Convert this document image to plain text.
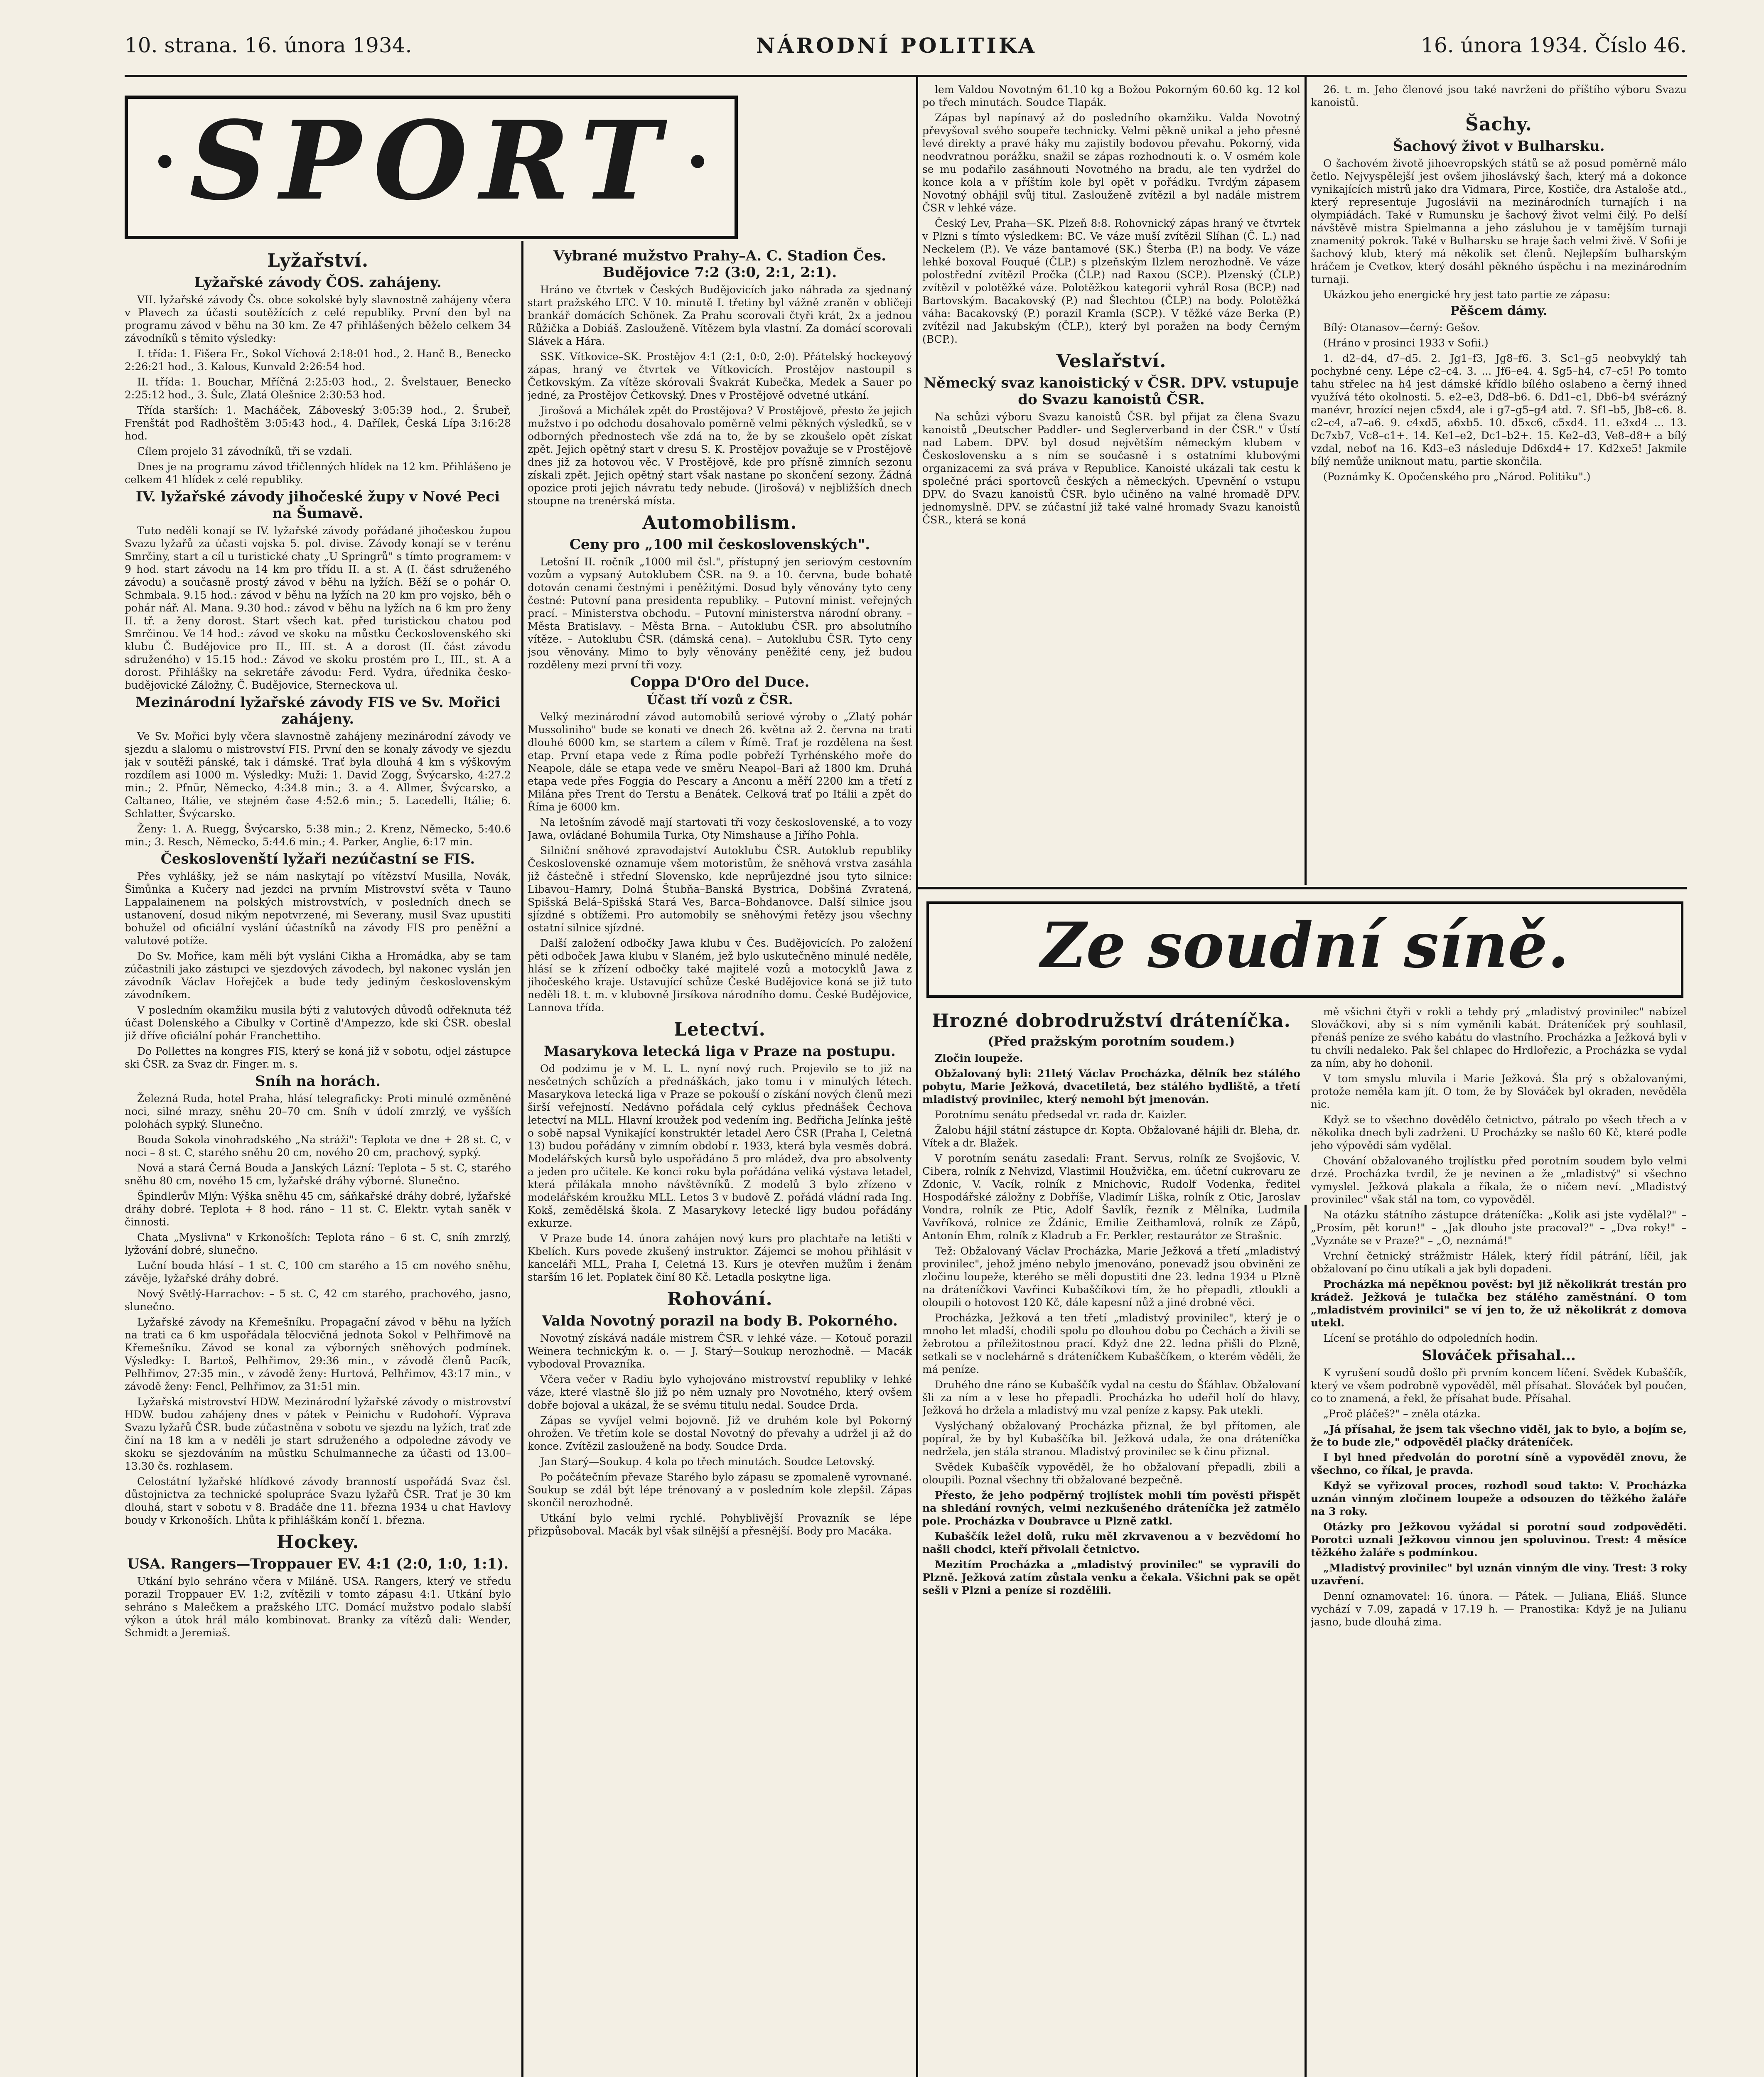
10. strana. 16. února 1934.	NÁRODNÍ POLITIKA	16. února 1934. Číslo 46.
• SPORT •
Lyžařství.
Lyžařské závody ČOS. zahájeny.

VII. lyžařské závody Čs. obce sokolské byly slavnostně zahájeny včera v Plavech za účasti soutěžících z celé republiky. První den byl na programu závod v běhu na 30 km. Ze 47 přihlášených běželo celkem 34 závodníků s těmito výsledky:

I. třída: 1. Fišera Fr., Sokol Víchová 2:18:01 hod., 2. Hanč B., Benecko 2:26:21 hod., 3. Kalous, Kunvald 2:26:54 hod.

II. třída: 1. Bouchar, Mříčná 2:25:03 hod., 2. Švelstauer, Benecko 2:25:12 hod., 3. Šulc, Zlatá Olešnice 2:30:53 hod.

Třída starších: 1. Macháček, Záboveský 3:05:39 hod., 2. Šrubeř, Frenštát pod Radhoštěm 3:05:43 hod., 4. Dařílek, Česká Lípa 3:16:28 hod.

Cílem projelo 31 závodníků, tři se vzdali.

Dnes je na programu závod třičlenných hlídek na 12 km. Přihlášeno je celkem 41 hlídek z celé republiky.

IV. lyžařské závody jihočeské župy v Nové Peci na Šumavě.

Tuto neděli konají se IV. lyžařské závody pořádané jihočeskou župou Svazu lyžařů za účasti vojska 5. pol. divise. Závody konají se v terénu Smrčiny, start a cíl u turistické chaty „U Springrů" s tímto programem: v 9 hod. start závodu na 14 km pro třídu II. a st. A (I. část sdruženého závodu) a současně prostý závod v běhu na lyžích. Běží se o pohár O. Schmbala. 9.15 hod.: závod v běhu na lyžích na 20 km pro vojsko, běh o pohár nář. Al. Mana. 9.30 hod.: závod v běhu na lyžích na 6 km pro ženy II. tř. a ženy dorost. Start všech kat. před turistickou chatou pod Smrčinou. Ve 14 hod.: závod ve skoku na můstku Čeckoslovenského ski klubu Č. Budějovice pro II., III. st. A a dorost (II. část závodu sdruženého) v 15.15 hod.: Závod ve skoku prostém pro I., III., st. A a dorost. Přihlášky na sekretáře závodu: Ferd. Vydra, úřednika česko-budějovické Záložny, Č. Budějovice, Sterneckova ul.

Mezinárodní lyžařské závody FIS ve Sv. Mořici zahájeny.

Ve Sv. Mořici byly včera slavnostně zahájeny mezinárodní závody ve sjezdu a slalomu o mistrovství FIS. První den se konaly závody ve sjezdu jak v soutěži pánské, tak i dámské. Trať byla dlouhá 4 km s výškovým rozdílem asi 1000 m. Výsledky: Muži: 1. David Zogg, Švýcarsko, 4:27.2 min.; 2. Pfnür, Německo, 4:34.8 min.; 3. a 4. Allmer, Švýcarsko, a Caltaneo, Itálie, ve stejném čase 4:52.6 min.; 5. Lacedelli, Itálie; 6. Schlatter, Švýcarsko.

Ženy: 1. A. Ruegg, Švýcarsko, 5:38 min.; 2. Krenz, Německo, 5:40.6 min.; 3. Resch, Německo, 5:44.6 min.; 4. Parker, Anglie, 6:17 min.

Českoslovenští lyžaři nezúčastní se FIS.

Přes vyhlášky, jež se nám naskytají po vítězství Musilla, Novák, Šimůnka a Kučery nad jezdci na prvním Mistrovství světa v Tauno Lappalainenem na polských mistrovstvích, v posledních dnech se ustanovení, dosud nikým nepotvrzené, mi Severany, musil Svaz upustiti bohužel od oficiální vyslání účastníků na závody FIS pro peněžní a valutové potíže.

Do Sv. Mořice, kam měli být vysláni Cikha a Hromádka, aby se tam zúčastnili jako zástupci ve sjezdových závodech, byl nakonec vyslán jen závodník Václav Hořejček a bude tedy jediným československým závodníkem.

V posledním okamžiku musila býti z valutových důvodů odřeknuta též účast Dolenského a Cibulky v Cortině d'Ampezzo, kde ski ČSR. obeslal již dříve oficiální pohár Franchettiho.

Do Pollettes na kongres FIS, který se koná již v sobotu, odjel zástupce ski ČSR. za Svaz dr. Finger. m. s.

Sníh na horách.

Železná Ruda, hotel Praha, hlásí telegraficky: Proti minulé ozměněné noci, silné mrazy, sněhu 20–70 cm. Sníh v údolí zmrzlý, ve vyšších polohách sypký. Slunečno.

Bouda Sokola vinohradského „Na stráži": Teplota ve dne + 28 st. C, v noci – 8 st. C, starého sněhu 20 cm, nového 20 cm, prachový, sypký.

Nová a stará Černá Bouda a Janských Lázní: Teplota – 5 st. C, starého sněhu 80 cm, nového 15 cm, lyžařské dráhy výborné. Slunečno.

Špindlerův Mlýn: Výška sněhu 45 cm, sáňkařské dráhy dobré, lyžařské dráhy dobré. Teplota + 8 hod. ráno – 11 st. C. Elektr. vytah saněk v činnosti.

Chata „Myslivna" v Krkonoších: Teplota ráno – 6 st. C, sníh zmrzlý, lyžování dobré, slunečno.

Luční bouda hlásí – 1 st. C, 100 cm starého a 15 cm nového sněhu, závěje, lyžařské dráhy dobré.

Nový Světlý-Harrachov: – 5 st. C, 42 cm starého, prachového, jasno, slunečno.

Lyžařské závody na Křemešníku. Propagační závod v běhu na lyžích na trati ca 6 km uspořádala tělocvičná jednota Sokol v Pelhřimově na Křemešníku. Závod se konal za výborných sněhových podmínek. Výsledky: I. Bartoš, Pelhřimov, 29:36 min., v závodě členů Pacík, Pelhřimov, 27:35 min., v závodě ženy: Hurtová, Pelhřimov, 43:17 min., v závodě ženy: Fencl, Pelhřimov, za 31:51 min.

Lyžařská mistrovství HDW. Mezinárodní lyžařské závody o mistrovství HDW. budou zahájeny dnes v pátek v Peinichu v Rudohoří. Výprava Svazu lyžařů ČSR. bude zúčastněna v sobotu ve sjezdu na lyžích, trať zde činí na 18 km a v neděli je start sdruženého a odpoledne závody ve skoku se sjezdováním na můstku Schulmanneche za účasti od 13.00–13.30 čs. rozhlasem.

Celostátní lyžařské hlídkové závody branností uspořádá Svaz čsl. důstojnictva za technické spolupráce Svazu lyžařů ČSR. Trať je 30 km dlouhá, start v sobotu v 8. Bradáče dne 11. března 1934 u chat Havlovy boudy v Krkonoších. Lhůta k přihláškám končí 1. března.

Hockey.
USA. Rangers—Troppauer EV. 4:1 (2:0, 1:0, 1:1).

Utkání bylo sehráno včera v Miláně. USA. Rangers, který ve středu porazil Troppauer EV. 1:2, zvítězili v tomto zápasu 4:1. Utkání bylo sehráno s Malečkem a pražského LTC. Domácí mužstvo podalo slabší výkon a útok hrál málo kombinovat. Branky za vítězů dali: Wender, Schmidt a Jeremiaš.

Vybrané mužstvo Prahy–A. C. Stadion Čes. Budějovice 7:2 (3:0, 2:1, 2:1).

Hráno ve čtvrtek v Českých Budějovicích jako náhrada za sjednaný start pražského LTC. V 10. minutě I. třetiny byl vážně zraněn v obličeji brankář domácích Schönek. Za Prahu scorovali čtyři krát, 2x a jednou Růžička a Dobiáš. Zaslouženě. Vítězem byla vlastní. Za domácí scorovali Slávek a Hára.

SSK. Vítkovice–SK. Prostějov 4:1 (2:1, 0:0, 2:0). Přátelský hockeyový zápas, hraný ve čtvrtek ve Vítkovicích. Prostějov nastoupil s Četkovským. Za vítěze skórovali Švakrát Kubečka, Medek a Sauer po jedné, za Prostějov Četkovský. Dnes v Prostějově odvetné utkání.

Jirošová a Michálek zpět do Prostějova? V Prostějově, přesto že jejich mužstvo i po odchodu dosahovalo poměrně velmi pěkných výsledků, se v odborných přednostech vše zdá na to, že by se zkoušelo opět získat zpět. Jejich opětný start v dresu S. K. Prostějov považuje se v Prostějově dnes již za hotovou věc. V Prostějově, kde pro přísně zimních sezonu získali zpět. Jejich opětný start však nastane po skončení sezony. Žádná opozice proti jejich návratu tedy nebude. (Jirošová) v nejbližších dnech stoupne na trenérská místa.

Automobilism.
Ceny pro „100 mil československých".

Letošní II. ročník „1000 mil čsl.", přístupný jen seriovým cestovním vozům a vypsaný Autoklubem ČSR. na 9. a 10. června, bude bohatě dotován cenami čestnými i peněžitými. Dosud byly věnovány tyto ceny čestné: Putovní pana presidenta republiky. – Putovní minist. veřejných prací. – Ministerstva obchodu. – Putovní ministerstva národní obrany. – Města Bratislavy. – Města Brna. – Autoklubu ČSR. pro absolutního vítěze. – Autoklubu ČSR. (dámská cena). – Autoklubu ČSR. Tyto ceny jsou věnovány. Mimo to byly věnovány peněžité ceny, jež budou rozděleny mezi první tři vozy.

Coppa D'Oro del Duce.
Účast tří vozů z ČSR.

Velký mezinárodní závod automobilů seriové výroby o „Zlatý pohár Mussoliniho" bude se konati ve dnech 26. května až 2. června na trati dlouhé 6000 km, se startem a cílem v Římě. Trať je rozdělena na šest etap. První etapa vede z Říma podle pobřeží Tyrhénského moře do Neapole, dále se etapa vede ve směru Neapol–Bari až 1800 km. Druhá etapa vede přes Foggia do Pescary a Anconu a měří 2200 km a třetí z Milána přes Trent do Terstu a Benátek. Celková trať po Itálii a zpět do Říma je 6000 km.

Na letošním závodě mají startovati tři vozy československé, a to vozy Jawa, ovládané Bohumila Turka, Oty Nimshause a Jiřího Pohla.

Silniční sněhové zpravodajství Autoklubu ČSR. Autoklub republiky Československé oznamuje všem motoristům, že sněhová vrstva zasáhla již částečně i střední Slovensko, kde neprůjezdné jsou tyto silnice: Libavou–Hamry, Dolná Štubňa–Banská Bystrica, Dobšiná Zvratená, Spišská Belá–Spišská Stará Ves, Barca–Bohdanovce. Další silnice jsou sjízdné s obtížemi. Pro automobily se sněhovými řetězy jsou všechny ostatní silnice sjízdné.

Další založení odbočky Jawa klubu v Čes. Budějovicích. Po založení pěti odboček Jawa klubu v Slaném, jež bylo uskutečněno minulé neděle, hlásí se k zřízení odbočky také majitelé vozů a motocyklů Jawa z jihočeského kraje. Ustavující schůze České Budějovice koná se již tuto neděli 18. t. m. v klubovně Jirsíkova národního domu. České Budějovice, Lannova třída.

Letectví.
Masarykova letecká liga v Praze na postupu.

Od podzimu je v M. L. L. nyní nový ruch. Projevilo se to již na nesčetných schůzích a přednáškách, jako tomu i v minulých létech. Masarykova letecká liga v Praze se pokouší o získání nových členů mezi širší veřejností. Nedávno pořádala celý cyklus přednášek Čechova letectví na MLL. Hlavní kroužek pod vedením ing. Bedřicha Jelínka ještě o sobě napsal Vynikající konstruktér letadel Aero ČSR (Praha I, Celetná 13) budou pořádány v zimním období r. 1933, která byla vesměs dobrá. Modelářských kursů bylo uspořádáno 5 pro mládež, dva pro absolventy a jeden pro učitele. Ke konci roku byla pořádána veliká výstava letadel, která přilákala mnoho návštěvníků. Z modelů 3 bylo zřízeno v modelářském kroužku MLL. Letos 3 v budově Z. pořádá vládní rada Ing. Kokš, zemědělská škola. Z Masarykovy letecké ligy budou pořádány exkurze.

V Praze bude 14. února zahájen nový kurs pro plachtaře na letišti v Kbelích. Kurs povede zkušený instruktor. Zájemci se mohou přihlásit v kanceláři MLL, Praha I, Celetná 13. Kurs je otevřen mužům i ženám starším 16 let. Poplatek činí 80 Kč. Letadla poskytne liga.

Rohování.
Valda Novotný porazil na body B. Pokorného.

Novotný získává nadále mistrem ČSR. v lehké váze. — Kotouč porazil Weinera technickým k. o. — J. Starý—Soukup nerozhodně. — Macák vybodoval Provazníka.

Včera večer v Radiu bylo vyhojováno mistrovství republiky v lehké váze, které vlastně šlo již po něm uznaly pro Novotného, který ovšem dobře bojoval a ukázal, že se svému titulu nedal. Soudce Drda.

Zápas se vyvíjel velmi bojovně. Již ve druhém kole byl Pokorný ohrožen. Ve třetím kole se dostal Novotný do převahy a udržel ji až do konce. Zvítězil zaslouženě na body. Soudce Drda.

Jan Starý—Soukup. 4 kola po třech minutách. Soudce Letovský.

Po počátečním převaze Starého bylo zápasu se zpomaleně vyrovnané. Soukup se zdál být lépe trénovaný a v posledním kole zlepšil. Zápas skončil nerozhodně.

Utkání bylo velmi rychlé. Pohyblivější Provazník se lépe přizpůsoboval. Macák byl však silnější a přesnější. Body pro Macáka.

lem Valdou Novotným 61.10 kg a Božou Pokorným 60.60 kg. 12 kol po třech minutách. Soudce Tlapák.

Zápas byl napínavý až do posledního okamžiku. Valda Novotný převyšoval svého soupeře technicky. Velmi pěkně unikal a jeho přesné levé direkty a pravé háky mu zajistily bodovou převahu. Pokorný, vida neodvratnou porážku, snažil se zápas rozhodnouti k. o. V osmém kole se mu podařilo zasáhnouti Novotného na bradu, ale ten vydržel do konce kola a v příštím kole byl opět v pořádku. Tvrdým zápasem Novotný obhájil svůj titul. Zaslouženě zvítězil a byl nadále mistrem ČSR v lehké váze.

Český Lev, Praha—SK. Plzeň 8:8. Rohovnický zápas hraný ve čtvrtek v Plzni s tímto výsledkem: BC. Ve váze muší zvítězil Slíhan (Č. L.) nad Neckelem (P.). Ve váze bantamové (SK.) Šterba (P.) na body. Ve váze lehké boxoval Fouqué (ČLP.) s plzeňským Ilzlem nerozhodně. Ve váze polostřední zvítězil Pročka (ČLP.) nad Raxou (SCP.). Plzenský (ČLP.) zvítězil v polotěžké váze. Polotěžkou kategorii vyhrál Rosa (BCP.) nad Bartovským. Bacakovský (P.) nad Šlechtou (ČLP.) na body. Polotěžká váha: Bacakovský (P.) porazil Kramla (SCP.). V těžké váze Berka (P.) zvítězil nad Jakubským (ČLP.), který byl poražen na body Černým (BCP.).

Veslařství.
Německý svaz kanoistický v ČSR. DPV. vstupuje do Svazu kanoistů ČSR.

Na schůzi výboru Svazu kanoistů ČSR. byl přijat za člena Svazu kanoistů „Deutscher Paddler- und Seglerverband in der ČSR." v Ústí nad Labem. DPV. byl dosud největším německým klubem v Československu a s ním se současně i s ostatními klubovými organizacemi za svá práva v Republice. Kanoisté ukázali tak cestu k společné práci sportovců českých a německých. Upevnění o vstupu DPV. do Svazu kanoistů ČSR. bylo učiněno na valné hromadě DPV. jednomyslně. DPV. se zúčastní již také valné hromady Svazu kanoistů ČSR., která se koná

26. t. m. Jeho členové jsou také navrženi do příštího výboru Svazu kanoistů.

Šachy.
Šachový život v Bulharsku.

O šachovém životě jihoevropských států se až posud poměrně málo četlo. Nejvyspělejší jest ovšem jihoslávský šach, který má a dokonce vynikajících mistrů jako dra Vidmara, Pirce, Kostiče, dra Astaloše atd., který representuje Jugoslávii na mezinárodních turnajích i na olympiádách. Také v Rumunsku je šachový život velmi čilý. Po delší návštěvě mistra Spielmanna a jeho zásluhou je v tamějším turnaji znamenitý pokrok. Také v Bulharsku se hraje šach velmi živě. V Sofii je šachový klub, který má několik set členů. Nejlepším bulharským hráčem je Cvetkov, který dosáhl pěkného úspěchu i na mezinárodním turnaji.

Ukázkou jeho energické hry jest tato partie ze zápasu:

Pěšcem dámy.

Bílý: Otanasov—černý: Gešov.

(Hráno v prosinci 1933 v Sofii.)

1. d2–d4, d7–d5. 2. Jg1–f3, Jg8–f6. 3. Sc1–g5 neobvyklý tah pochybné ceny. Lépe c2–c4. 3. ... Jf6–e4. 4. Sg5–h4, c7–c5! Po tomto tahu střelec na h4 jest dámské křídlo bílého oslabeno a černý ihned využívá této okolnosti. 5. e2–e3, Dd8–b6. 6. Dd1–c1, Db6–b4 svérázný manévr, hrozící nejen c5xd4, ale i g7–g5–g4 atd. 7. Sf1–b5, Jb8–c6. 8. c2–c4, a7–a6. 9. c4xd5, a6xb5. 10. d5xc6, c5xd4. 11. e3xd4 ... 13. Dc7xb7, Vc8–c1+. 14. Ke1–e2, Dc1–b2+. 15. Ke2–d3, Ve8–d8+ a bílý vzdal, neboť na 16. Kd3–e3 následuje Dd6xd4+ 17. Kd2xe5! Jakmile bílý nemůže uniknout matu, partie skončila.

(Poznámky K. Opočenského pro „Národ. Politiku".)

Ze soudní síně.
Hrozné dobrodružství dráteníčka.
(Před pražským porotním soudem.)

Zločin loupeže.

Obžalovaný byli: 21letý Václav Procházka, dělník bez stálého pobytu, Marie Ježková, dvacetiletá, bez stálého bydliště, a třetí mladistvý provinilec, který nemohl být jmenován.

Porotnímu senátu předsedal vr. rada dr. Kaizler.

Žalobu hájil státní zástupce dr. Kopta. Obžalované hájili dr. Bleha, dr. Vítek a dr. Blažek.

V porotním senátu zasedali: Frant. Servus, rolník ze Svojšovic, V. Cibera, rolník z Nehvizd, Vlastimil Houžvička, em. účetní cukrovaru ze Zdonic, V. Vacík, rolník z Mnichovic, Rudolf Vodenka, ředitel Hospodářské záložny z Dobříše, Vladimír Liška, rolník z Otic, Jaroslav Vondra, rolník ze Ptic, Adolf Šavlík, řezník z Mělníka, Ludmila Vavříková, rolnice ze Ždánic, Emilie Zeithamlová, rolník ze Zápů, Antonín Ehm, rolník z Kladrub a Fr. Perkler, restaurátor ze Strašnic.

Tež: Obžalovaný Václav Procházka, Marie Ježková a třetí „mladistvý provinilec", jehož jméno nebylo jmenováno, ponevadž jsou obviněni ze zločinu loupeže, kterého se měli dopustiti dne 23. ledna 1934 u Plzně na dráteníčkovi Vavřinci Kubaščíkovi tím, že ho přepadli, ztloukli a oloupili o hotovost 120 Kč, dále kapesní nůž a jiné drobné věci.

Procházka, Ježková a ten třetí „mladistvý provinilec", který je o mnoho let mladší, chodili spolu po dlouhou dobu po Čechách a živili se žebrotou a příležitostnou prací. Když dne 22. ledna přišli do Plzně, setkali se v noclehárně s dráteníčkem Kubaščíkem, o kterém věděli, že má peníze.

Druhého dne ráno se Kubaščík vydal na cestu do Šťáhlav. Obžalovaní šli za ním a v lese ho přepadli. Procházka ho udeřil holí do hlavy, Ježková ho držela a mladistvý mu vzal peníze z kapsy. Pak utekli.

Vyslýchaný obžalovaný Procházka přiznal, že byl přítomen, ale popíral, že by byl Kubaščíka bil. Ježková udala, že ona dráteníčka nedržela, jen stála stranou. Mladistvý provinilec se k činu přiznal.

Svědek Kubaščík vypověděl, že ho obžalovaní přepadli, zbili a oloupili. Poznal všechny tři obžalované bezpečně.

Přesto, že jeho podpěrný trojlístek mohli tím pověsti přispět na shledání rovných, velmi nezkušeného dráteníčka jež zatmělo pole. Procházka v Doubravce u Plzně zatkl.

Kubaščík ležel dolů, ruku měl zkrvavenou a v bezvědomí ho našli chodci, kteří přivolali četnictvo.

Mezitím Procházka a „mladistvý provinilec" se vypravili do Plzně. Ježková zatím zůstala venku a čekala. Všichni pak se opět sešli v Plzni a peníze si rozdělili.

mě všichni čtyři v rokli a tehdy prý „mladistvý provinilec" nabízel Slováčkovi, aby si s ním vyměnili kabát. Dráteníček prý souhlasil, přenáš peníze ze svého kabátu do vlastního. Procházka a Ježková byli v tu chvíli nedaleko. Pak šel chlapec do Hrdlořezic, a Procházka se vydal za ním, aby ho dohonil.

V tom smyslu mluvila i Marie Ježková. Šla prý s obžalovanými, protože neměla kam jít. O tom, že by Slováček byl okraden, nevěděla nic.

Když se to všechno dovědělo četnictvo, pátralo po všech třech a v několika dnech byli zadrženi. U Procházky se našlo 60 Kč, které podle jeho výpovědi sám vydělal.

Chování obžalovaného trojlístku před porotním soudem bylo velmi drzé. Procházka tvrdil, že je nevinen a že „mladistvý" si všechno vymyslel. Ježková plakala a říkala, že o ničem neví. „Mladistvý provinilec" však stál na tom, co vypověděl.

Na otázku státního zástupce dráteníčka: „Kolik asi jste vydělal?" – „Prosím, pět korun!" – „Jak dlouho jste pracoval?" – „Dva roky!" – „Vyznáte se v Praze?" – „O, neznámá!"

Vrchní četnický strážmistr Hálek, který řídil pátrání, líčil, jak obžalovaní po činu utíkali a jak byli dopadeni.

Procházka má nepěknou pověst: byl již několikrát trestán pro krádež. Ježková je tulačka bez stálého zaměstnání. O tom „mladistvém provinilci" se ví jen to, že už několikrát z domova utekl.

Lícení se protáhlo do odpoledních hodin.

Slováček přisahal...

K vyrušení soudů došlo při prvním koncem líčení. Svědek Kubaščík, který ve všem podrobně vypověděl, měl přísahat. Slováček byl poučen, co to znamená, a řekl, že přísahat bude. Přísahal.

„Proč pláčeš?" – zněla otázka.

„Já přísahal, že jsem tak všechno viděl, jak to bylo, a bojím se, že to bude zle," odpověděl plačky dráteníček.

I byl hned předvolán do porotní síně a vypověděl znovu, že všechno, co říkal, je pravda.

Když se vyřizoval proces, rozhodl soud takto: V. Procházka uznán vinným zločinem loupeže a odsouzen do těžkého žaláře na 3 roky.

Otázky pro Ježkovou vyžádal si porotní soud zodpověděti. Porotci uznali Ježkovou vinnou jen spoluvinou. Trest: 4 měsíce těžkého žaláře s podmínkou.

„Mladistvý provinilec" byl uznán vinným dle viny. Trest: 3 roky uzavření.

Denní oznamovatel: 16. února. — Pátek. — Juliana, Eliáš. Slunce vychází v 7.09, zapadá v 17.19 h. — Pranostika: Když je na Julianu jasno, bude dlouhá zima.
